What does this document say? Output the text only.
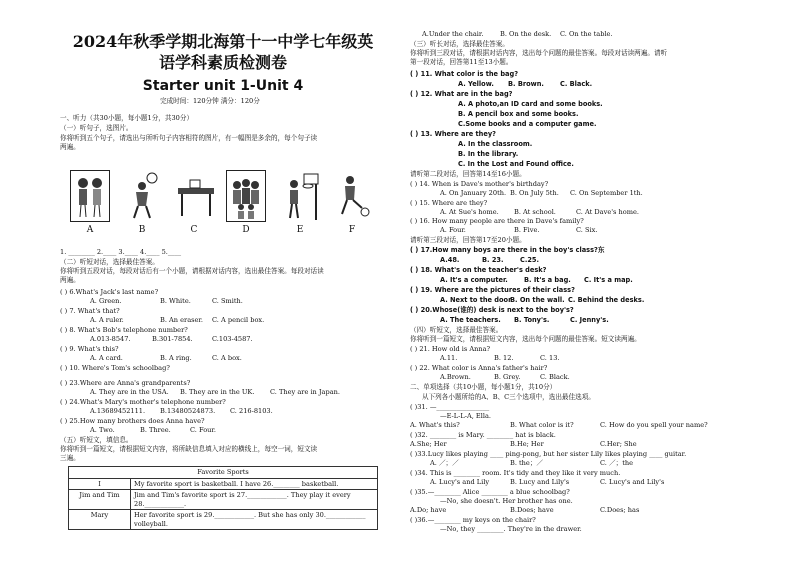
2024年秋季学期北海第十一中学七年级英
语学科素质检测卷
Starter unit 1-Unit 4
完成时间：120分钟 满分：120分
一、听力（共30小题，每小题1分，共30分）
（一）听句子，选图片。
你将听到五个句子，请选出与所听句子内容相符的图片，有一幅图是多余的，每个句子读
两遍。
A	B	C	D	E	F
1. ________ 2.____ 3.____ 4.____ 5.____
（二）听短对话，选择最佳答案。
你将听到五段对话，每段对话后有一个小题，请根据对话内容，选出最佳答案。每段对话读
两遍。
( ) 6.What's Jack's last name?
A. Green.	B. White.	C. Smith.
( ) 7. What's that?
A. A ruler.	B. An eraser. C. A pencil box.
( ) 8. What's Bob's telephone number?
A.013-8547.	B.301-7854.	C.103-4587.
( ) 9. What's this?
A. A card.	B. A ring.	C. A box.
( ) 10. Where's Tom's schoolbag?
( ) 23.Where are Anna's grandparents?
A. They are in the USA. B. They are in the UK. C. They are in Japan.
( ) 24.What's Mary's mother's telephone number?
A.13689452111. B.13480524873. C. 216-8103.
( ) 25.How many brothers does Anna have?
A. Two.	B. Three.	C. Four.
（五）听短文，填信息。
你将听到一篇短文，请根据短文内容，将所缺信息填入对应的横线上，每空一词，短文读
三遍。
Favorite Sports	
I	My favorite sport is basketball. I have 26.________ basketball.
Jim and Tim	Jim and Tim's favorite sport is 27.____________. They play it every 28.____________.
Mary	Her favorite sport is 29.____________. But she has only 30.____________ volleyball.
A.Under the chair.	B. On the desk. C. On the table.
（三）听长对话，选择最佳答案。
你将听到三段对话，请根据对话内容，选出每个问题的最佳答案。每段对话读两遍。请听
第一段对话，回答第11至13小题。
( ) 11. What color is the bag?
A. Yellow. B. Brown. C. Black.
( ) 12. What are in the bag?
A. A photo,an ID card and some books.
B. A pencil box and some books.
C.Some books and a computer game.
( ) 13. Where are they?
A. In the classroom.
B. In the library.
C. In the Lost and Found office.
请听第二段对话，回答第14至16小题。
( ) 14. When is Dave's mother's birthday?
A. On January 20th. B. On July 5th. C. On September 1th.
( ) 15. Where are they?
A. At Sue's home. B. At school.	C. At Dave's home.
( ) 16. How many people are there in Dave's family?
A. Four.	B. Five.	C. Six.
请听第三段对话，回答第17至20小题。
( ) 17.How many boys are there in the boy's class?东
A.48.	B. 23. C.25.
( ) 18. What's on the teacher's desk?
A. It's a computer. B. It's a bag. C. It's a map.
( ) 19. Where are the pictures of their class?
A. Next to the door.
B. On the wall. C. Behind the desks.
( ) 20.Whose(谁的) desk is next to the boy's?
A. The teachers. B. Tony's.	C. Jenny's.
（四）听短文，选择最佳答案。
你将听到一篇短文，请根据短文内容，选出每个问题的最佳答案。短文读两遍。
( ) 21. How old is Anna?
A.11.	B. 12.	C. 13.
( ) 22. What color is Anna's father's hair?
A.Brown.	B. Grey.	C. Black.
二、单项选择（共10小题，每小题1分，共10分）
从下列各小题所给的A、B、C三个选项中，选出最佳选项。
( )31. —________________
—E-L-L-A, Ella.
A. What's this?	B. What color is it?	C. How do you spell your name?
( )32. ________ is Mary. ________ hat is black.
A.She; Her	B.He; Her	C.Her; She
( )33.Lucy likes playing ____ ping-pong, but her sister Lily likes playing ____ guitar.
A. ／；／	B. the；／	C. ／；the
( )34. This is ________ room. It's tidy and they like it very much.
A. Lucy's and Lily	B. Lucy and Lily's	C. Lucy's and Lily's
( )35.—________ Alice ________ a blue schoolbag?
—No, she doesn't. Her brother has one.
A.Do; have	B.Does; have	C.Does; has
( )36.—________ my keys on the chair?
—No, they ________. They're in the drawer.
